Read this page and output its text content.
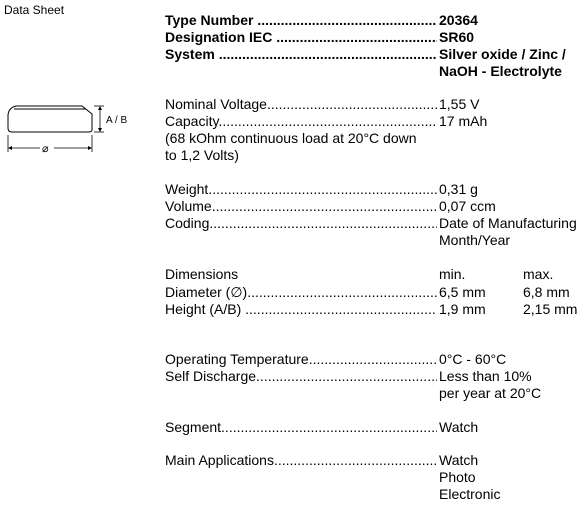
Data Sheet
A / B
⌀
Type Number .....	20364
Designation IEC .....	SR60
System .....	Silver oxide / Zinc /
NaOH - Electrolyte
Nominal Voltage .....	1,55 V
Capacity .....	17 mAh
(68 kOhm continuous load at 20°C down
to 1,2 Volts)
Weight .....	0,31 g
Volume .....	0,07 ccm
Coding .....	Date of Manufacturing
Month/Year
Dimensions	min.	max.
Diameter (∅) .....	6,5 mm	6,8 mm
Height (A/B) .....	1,9 mm	2,15 mm
Operating Temperature .....	0°C - 60°C
Self Discharge .....	Less than 10%
per year at 20°C
Segment .....	Watch
Main Applications .....	Watch
Photo
Electronic
